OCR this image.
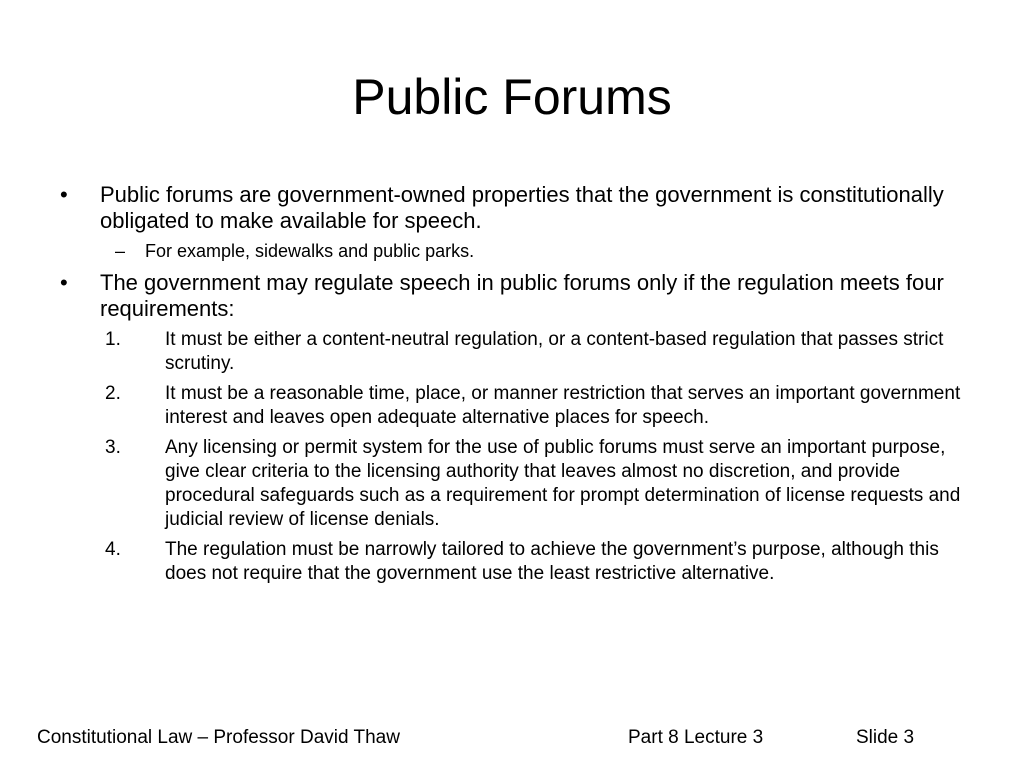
Public Forums
•	Public forums are government-owned properties that the government is constitutionally obligated to make available for speech.
– For example, sidewalks and public parks.
•	The government may regulate speech in public forums only if the regulation meets four requirements:
1. It must be either a content-neutral regulation, or a content-based regulation that passes strict scrutiny.
2. It must be a reasonable time, place, or manner restriction that serves an important government interest and leaves open adequate alternative places for speech.
3. Any licensing or permit system for the use of public forums must serve an important purpose, give clear criteria to the licensing authority that leaves almost no discretion, and provide procedural safeguards such as a requirement for prompt determination of license requests and judicial review of license denials.
4. The regulation must be narrowly tailored to achieve the government’s purpose, although this does not require that the government use the least restrictive alternative.
Constitutional Law – Professor David Thaw	Part 8 Lecture 3	Slide 3
